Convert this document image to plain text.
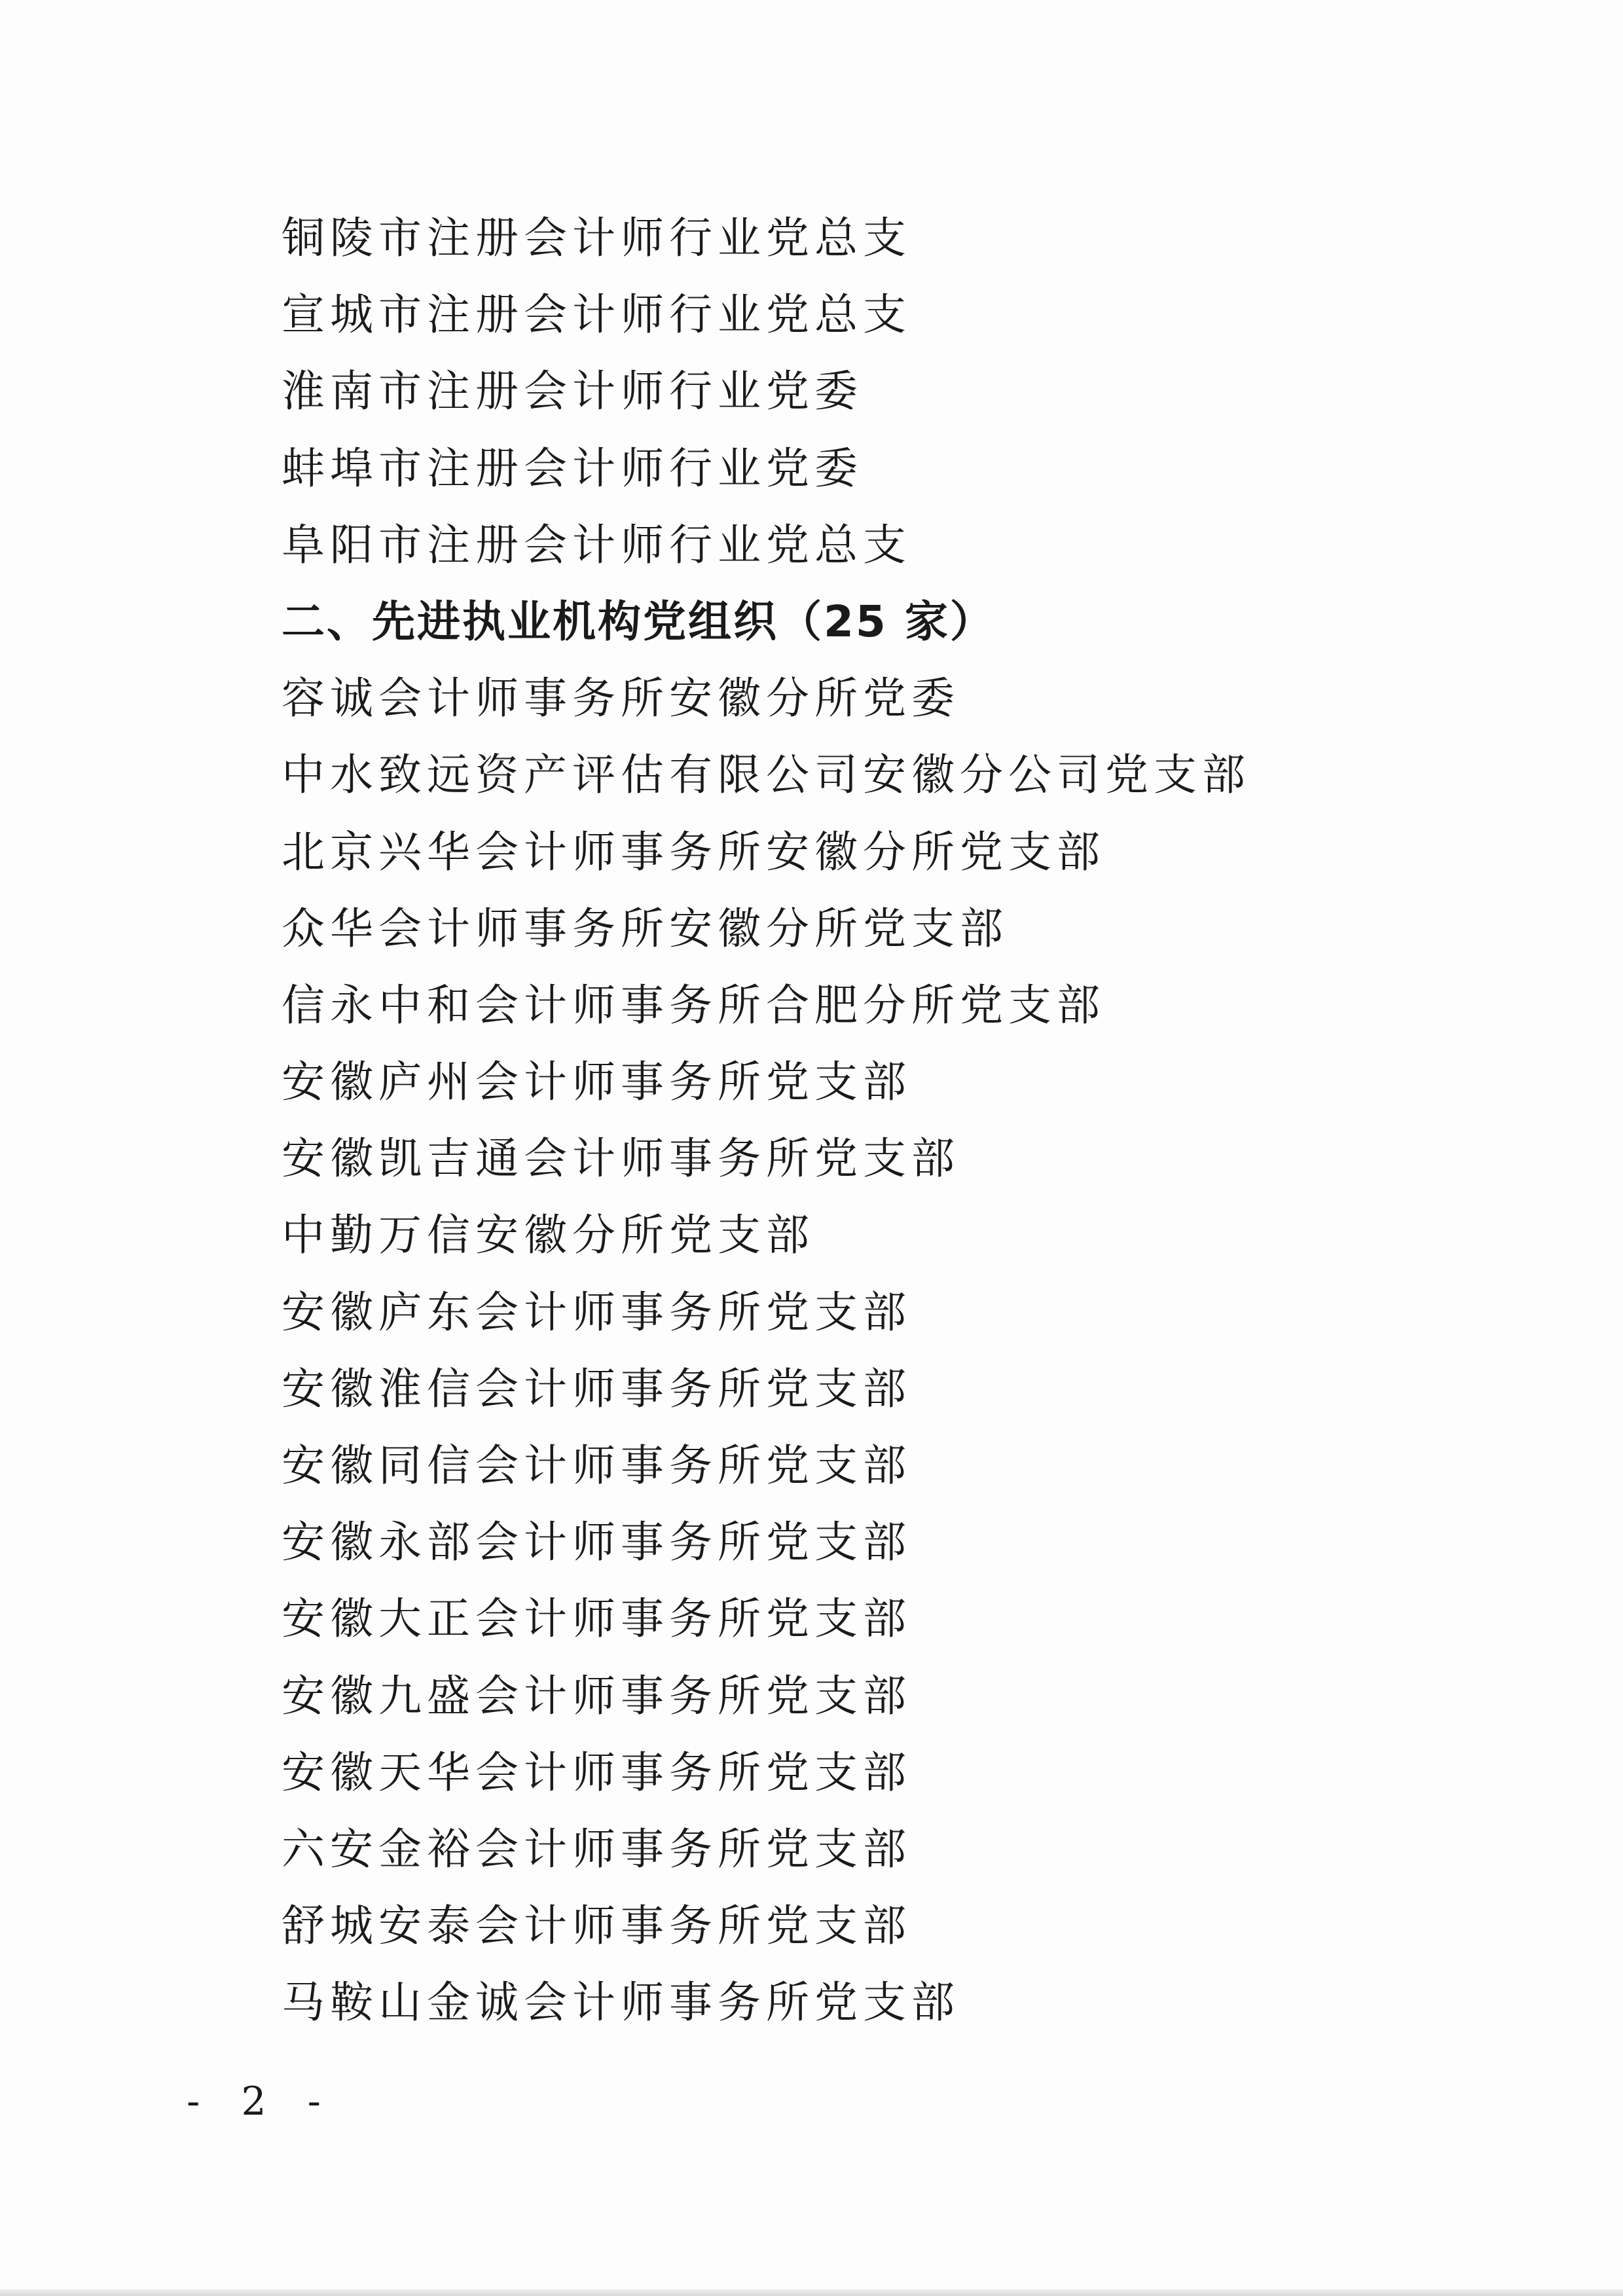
铜陵市注册会计师行业党总支
宣城市注册会计师行业党总支
淮南市注册会计师行业党委
蚌埠市注册会计师行业党委
阜阳市注册会计师行业党总支
二、先进执业机构党组织（25 家）
容诚会计师事务所安徽分所党委
中水致远资产评估有限公司安徽分公司党支部
北京兴华会计师事务所安徽分所党支部
众华会计师事务所安徽分所党支部
信永中和会计师事务所合肥分所党支部
安徽庐州会计师事务所党支部
安徽凯吉通会计师事务所党支部
中勤万信安徽分所党支部
安徽庐东会计师事务所党支部
安徽淮信会计师事务所党支部
安徽同信会计师事务所党支部
安徽永部会计师事务所党支部
安徽大正会计师事务所党支部
安徽九盛会计师事务所党支部
安徽天华会计师事务所党支部
六安金裕会计师事务所党支部
舒城安泰会计师事务所党支部
马鞍山金诚会计师事务所党支部
- 2 -
